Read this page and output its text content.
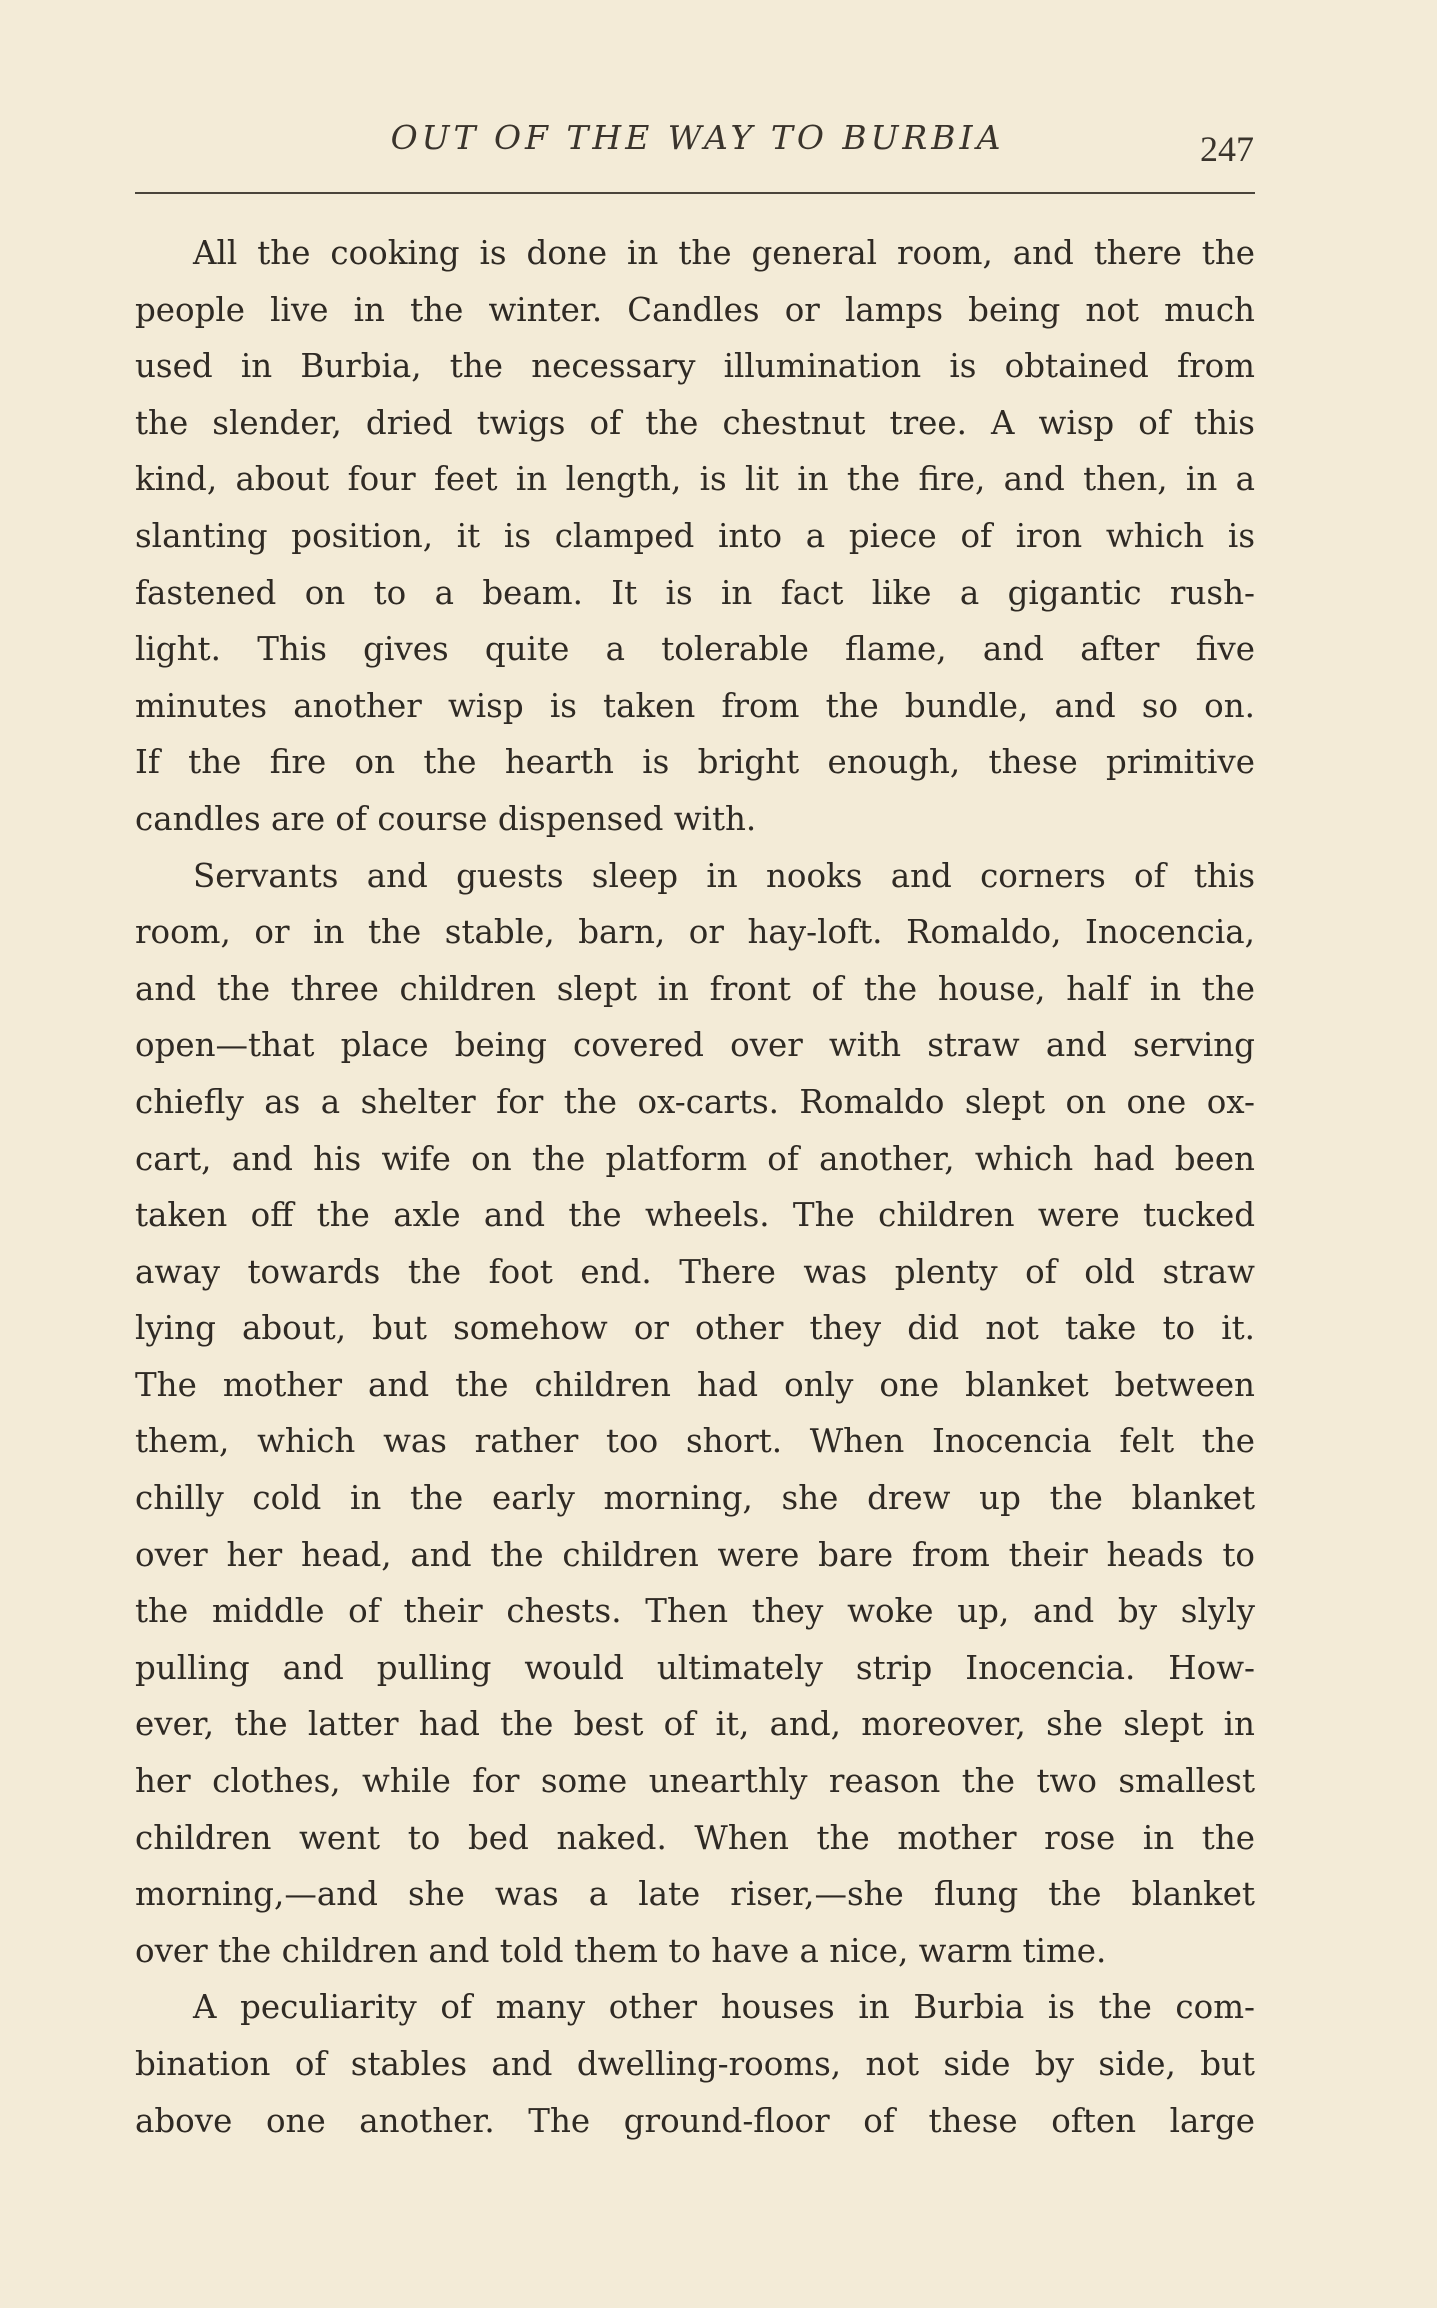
OUT OF THE WAY TO BURBIA	247
All the cooking is done in the general room, and there the
people live in the winter. Candles or lamps being not much
used in Burbia, the necessary illumination is obtained from
the slender, dried twigs of the chestnut tree. A wisp of this
kind, about four feet in length, is lit in the fire, and then, in a
slanting position, it is clamped into a piece of iron which is
fastened on to a beam. It is in fact like a gigantic rush-
light. This gives quite a tolerable flame, and after five
minutes another wisp is taken from the bundle, and so on.
If the fire on the hearth is bright enough, these primitive
candles are of course dispensed with.
Servants and guests sleep in nooks and corners of this
room, or in the stable, barn, or hay-loft. Romaldo, Inocencia,
and the three children slept in front of the house, half in the
open—that place being covered over with straw and serving
chiefly as a shelter for the ox-carts. Romaldo slept on one ox-
cart, and his wife on the platform of another, which had been
taken off the axle and the wheels. The children were tucked
away towards the foot end. There was plenty of old straw
lying about, but somehow or other they did not take to it.
The mother and the children had only one blanket between
them, which was rather too short. When Inocencia felt the
chilly cold in the early morning, she drew up the blanket
over her head, and the children were bare from their heads to
the middle of their chests. Then they woke up, and by slyly
pulling and pulling would ultimately strip Inocencia. How-
ever, the latter had the best of it, and, moreover, she slept in
her clothes, while for some unearthly reason the two smallest
children went to bed naked. When the mother rose in the
morning,—and she was a late riser,—she flung the blanket
over the children and told them to have a nice, warm time.
A peculiarity of many other houses in Burbia is the com-
bination of stables and dwelling-rooms, not side by side, but
above one another. The ground-floor of these often large
